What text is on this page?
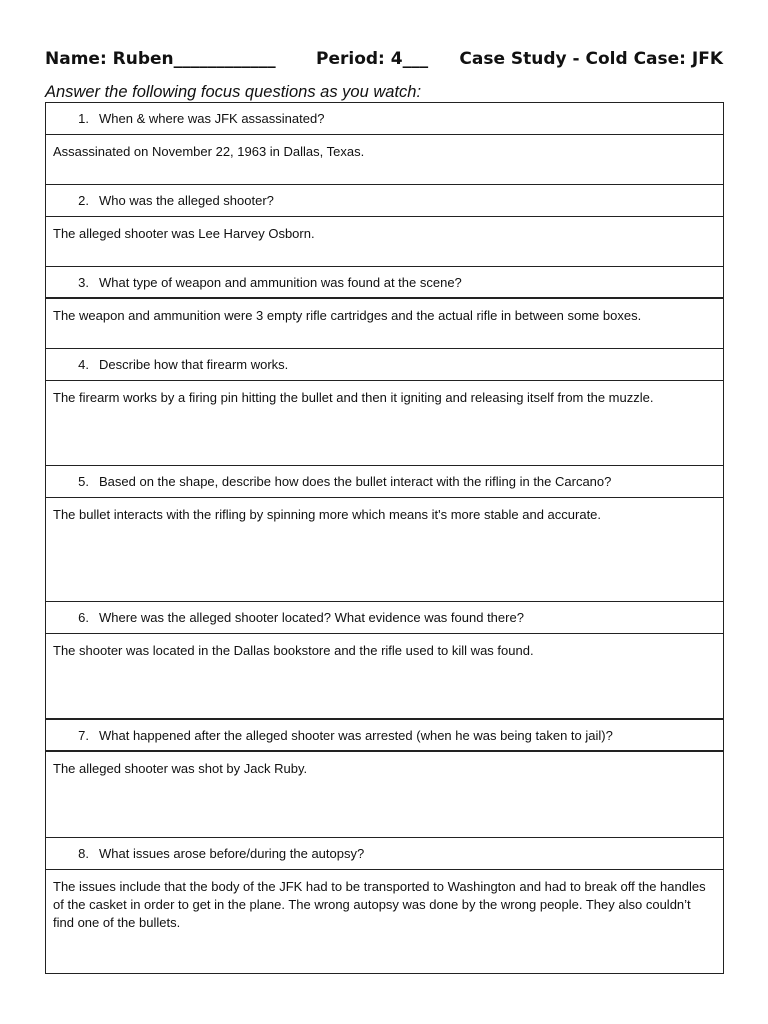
Name: Ruben____________ Period: 4___ Case Study - Cold Case: JFK
Answer the following focus questions as you watch:
1. When & where was JFK assassinated?
Assassinated on November 22, 1963 in Dallas, Texas.
2. Who was the alleged shooter?
The alleged shooter was Lee Harvey Osborn.
3. What type of weapon and ammunition was found at the scene?
The weapon and ammunition were 3 empty rifle cartridges and the actual rifle in between some boxes.
4. Describe how that firearm works.
The firearm works by a firing pin hitting the bullet and then it igniting and releasing itself from the muzzle.
5. Based on the shape, describe how does the bullet interact with the rifling in the Carcano?
The bullet interacts with the rifling by spinning more which means it's more stable and accurate.
6. Where was the alleged shooter located? What evidence was found there?
The shooter was located in the Dallas bookstore and the rifle used to kill was found.
7. What happened after the alleged shooter was arrested (when he was being taken to jail)?
The alleged shooter was shot by Jack Ruby.
8. What issues arose before/during the autopsy?
The issues include that the body of the JFK had to be transported to Washington and had to break off the handles of the casket in order to get in the plane. The wrong autopsy was done by the wrong people. They also couldn’t find one of the bullets.
